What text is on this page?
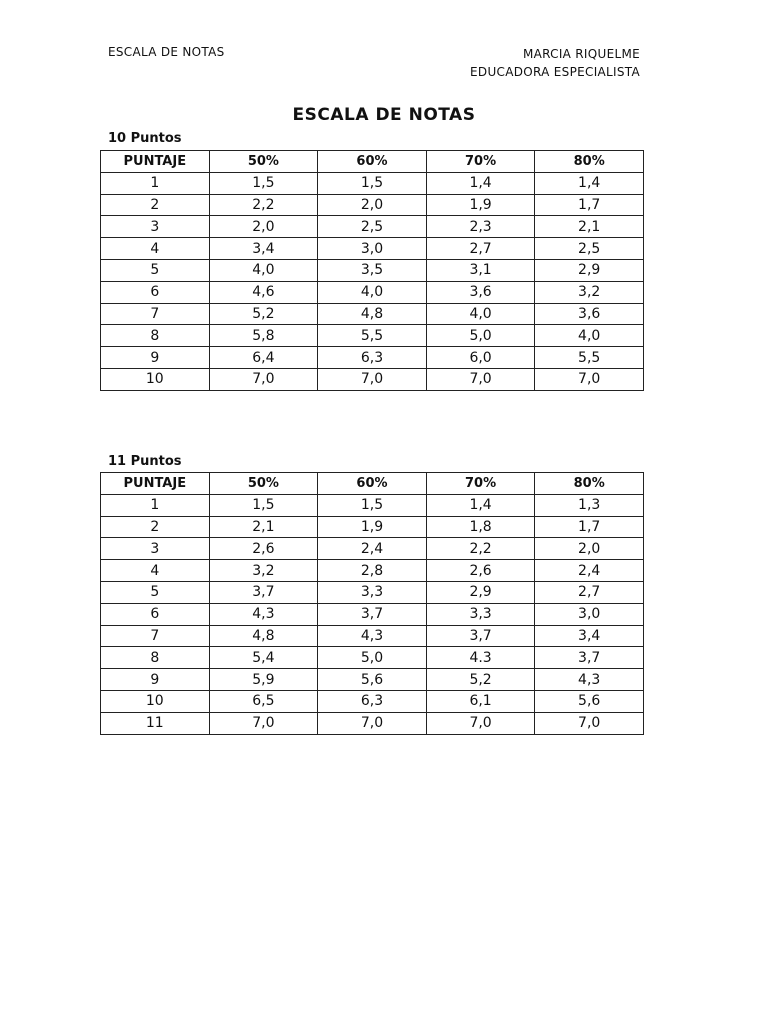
ESCALA DE NOTAS	MARCIA RIQUELME
EDUCADORA ESPECIALISTA
ESCALA DE NOTAS
10 Puntos
PUNTAJE	50%	60%	70%	80%
1	1,5	1,5	1,4	1,4
2	2,2	2,0	1,9	1,7
3	2,0	2,5	2,3	2,1
4	3,4	3,0	2,7	2,5
5	4,0	3,5	3,1	2,9
6	4,6	4,0	3,6	3,2
7	5,2	4,8	4,0	3,6
8	5,8	5,5	5,0	4,0
9	6,4	6,3	6,0	5,5
10	7,0	7,0	7,0	7,0
11 Puntos
PUNTAJE	50%	60%	70%	80%
1	1,5	1,5	1,4	1,3
2	2,1	1,9	1,8	1,7
3	2,6	2,4	2,2	2,0
4	3,2	2,8	2,6	2,4
5	3,7	3,3	2,9	2,7
6	4,3	3,7	3,3	3,0
7	4,8	4,3	3,7	3,4
8	5,4	5,0	4.3	3,7
9	5,9	5,6	5,2	4,3
10	6,5	6,3	6,1	5,6
11	7,0	7,0	7,0	7,0
